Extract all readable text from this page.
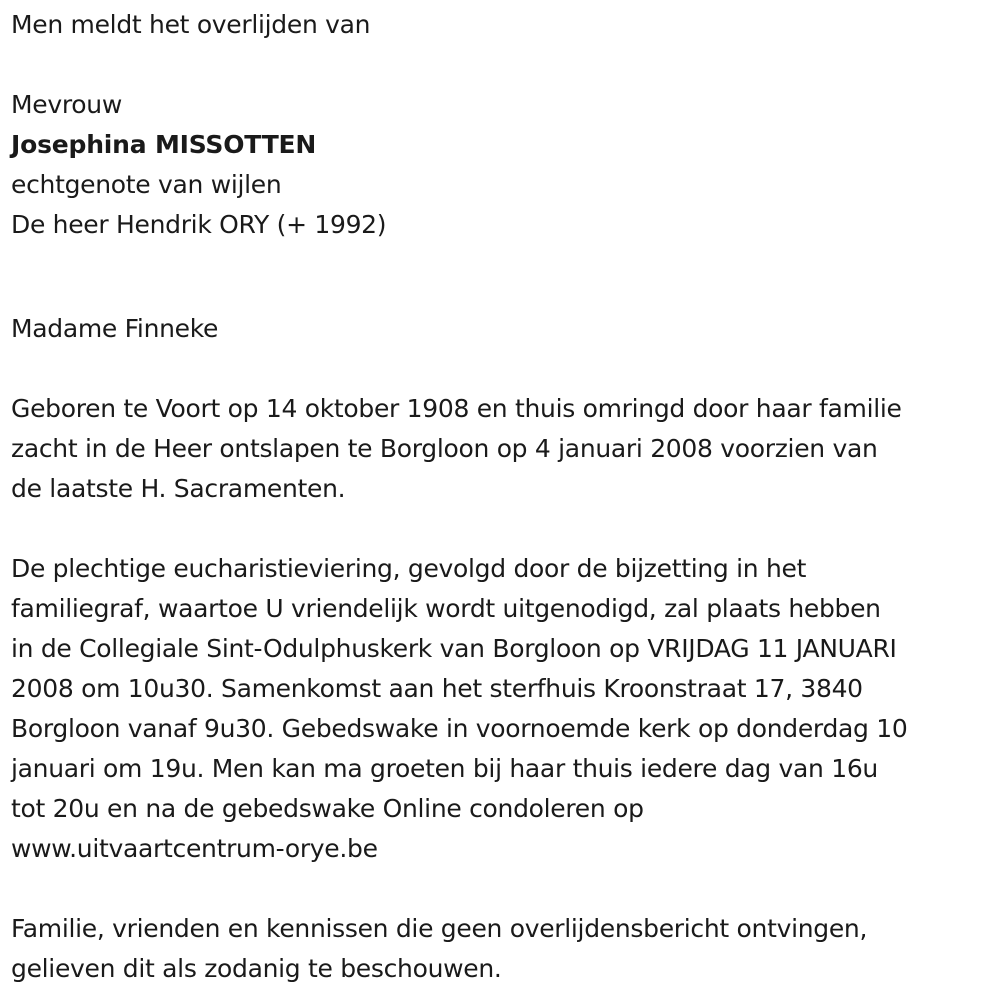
Men meldt het overlijden van
Mevrouw
Josephina MISSOTTEN
echtgenote van wijlen
De heer Hendrik ORY (+ 1992)
Madame Finneke
Geboren te Voort op 14 oktober 1908 en thuis omringd door haar familie
zacht in de Heer ontslapen te Borgloon op 4 januari 2008 voorzien van
de laatste H. Sacramenten.
De plechtige eucharistieviering, gevolgd door de bijzetting in het
familiegraf, waartoe U vriendelijk wordt uitgenodigd, zal plaats hebben
in de Collegiale Sint-Odulphuskerk van Borgloon op VRIJDAG 11 JANUARI
2008 om 10u30. Samenkomst aan het sterfhuis Kroonstraat 17, 3840
Borgloon vanaf 9u30. Gebedswake in voornoemde kerk op donderdag 10
januari om 19u. Men kan ma groeten bij haar thuis iedere dag van 16u
tot 20u en na de gebedswake Online condoleren op
www.uitvaartcentrum-orye.be
Familie, vrienden en kennissen die geen overlijdensbericht ontvingen,
gelieven dit als zodanig te beschouwen.
